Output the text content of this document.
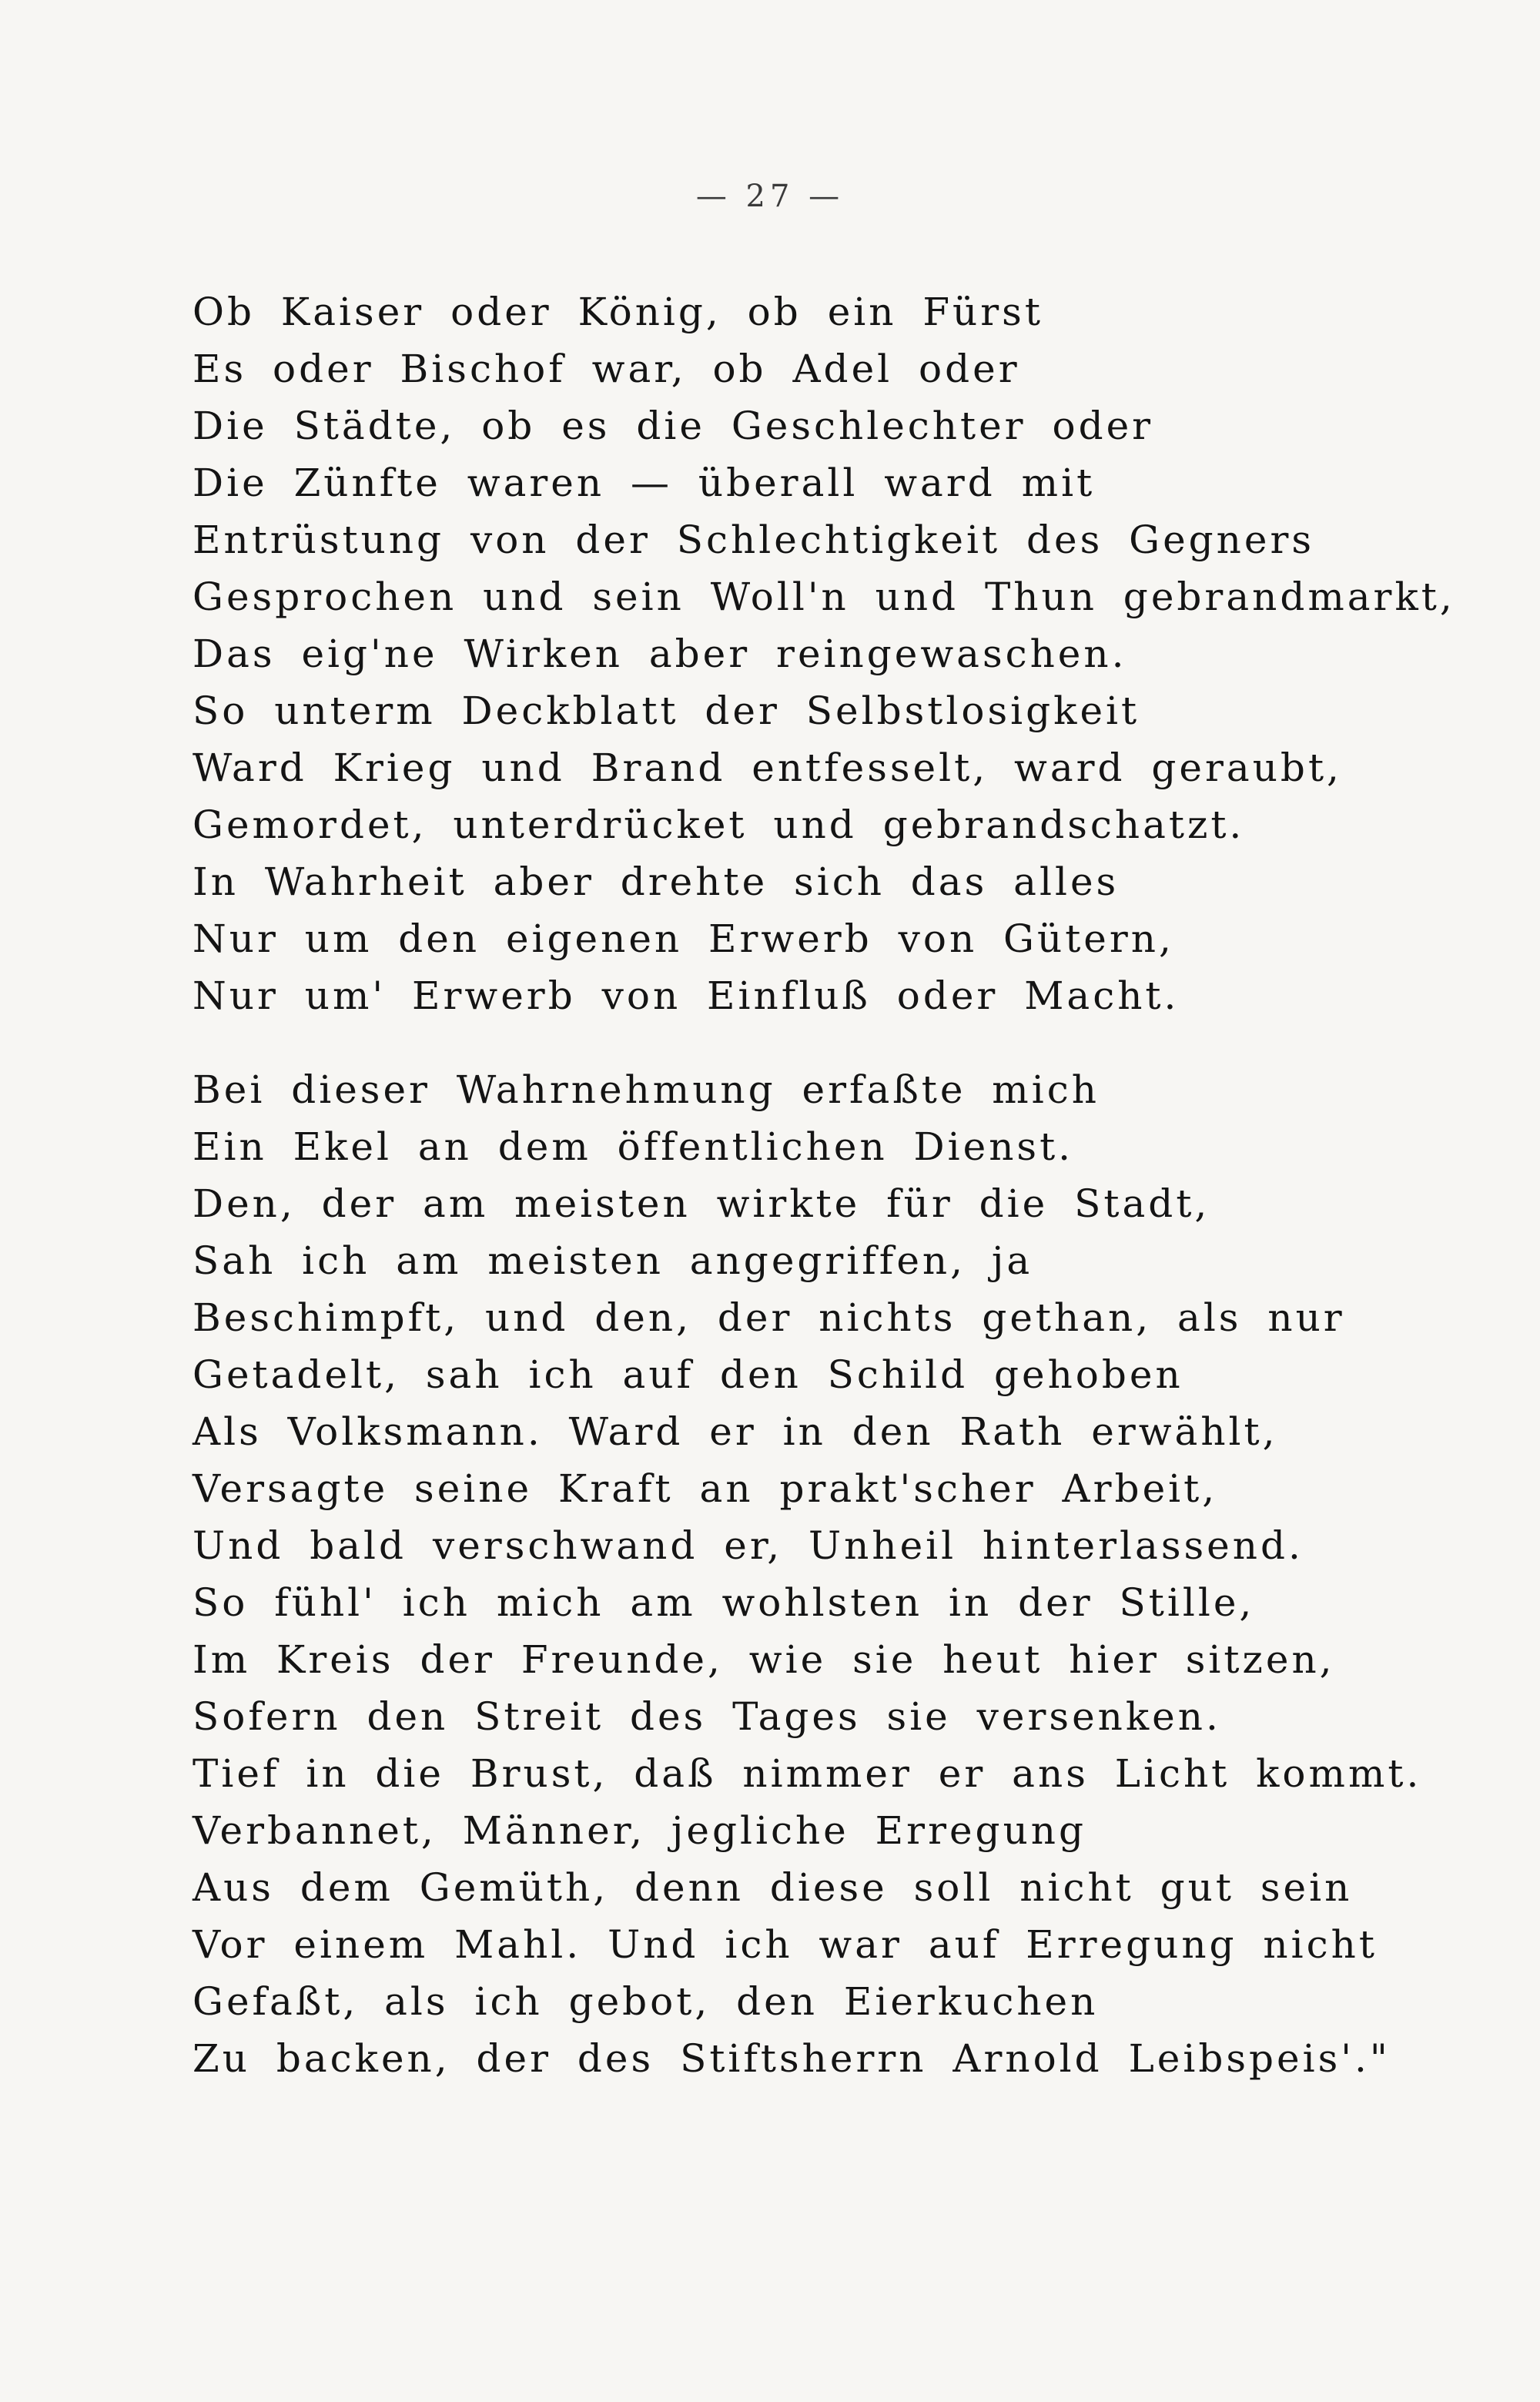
— 27 —
Ob Kaiser oder König, ob ein Fürst
Es oder Bischof war, ob Adel oder
Die Städte, ob es die Geschlechter oder
Die Zünfte waren — überall ward mit
Entrüstung von der Schlechtigkeit des Gegners
Gesprochen und sein Woll'n und Thun gebrandmarkt,
Das eig'ne Wirken aber reingewaschen.
So unterm Deckblatt der Selbstlosigkeit
Ward Krieg und Brand entfesselt, ward geraubt,
Gemordet, unterdrücket und gebrandschatzt.
In Wahrheit aber drehte sich das alles
Nur um den eigenen Erwerb von Gütern,
Nur um' Erwerb von Einfluß oder Macht.
Bei dieser Wahrnehmung erfaßte mich
Ein Ekel an dem öffentlichen Dienst.
Den, der am meisten wirkte für die Stadt,
Sah ich am meisten angegriffen, ja
Beschimpft, und den, der nichts gethan, als nur
Getadelt, sah ich auf den Schild gehoben
Als Volksmann. Ward er in den Rath erwählt,
Versagte seine Kraft an prakt'scher Arbeit,
Und bald verschwand er, Unheil hinterlassend.
So fühl' ich mich am wohlsten in der Stille,
Im Kreis der Freunde, wie sie heut hier sitzen,
Sofern den Streit des Tages sie versenken.
Tief in die Brust, daß nimmer er ans Licht kommt.
Verbannet, Männer, jegliche Erregung
Aus dem Gemüth, denn diese soll nicht gut sein
Vor einem Mahl. Und ich war auf Erregung nicht
Gefaßt, als ich gebot, den Eierkuchen
Zu backen, der des Stiftsherrn Arnold Leibspeis'."
